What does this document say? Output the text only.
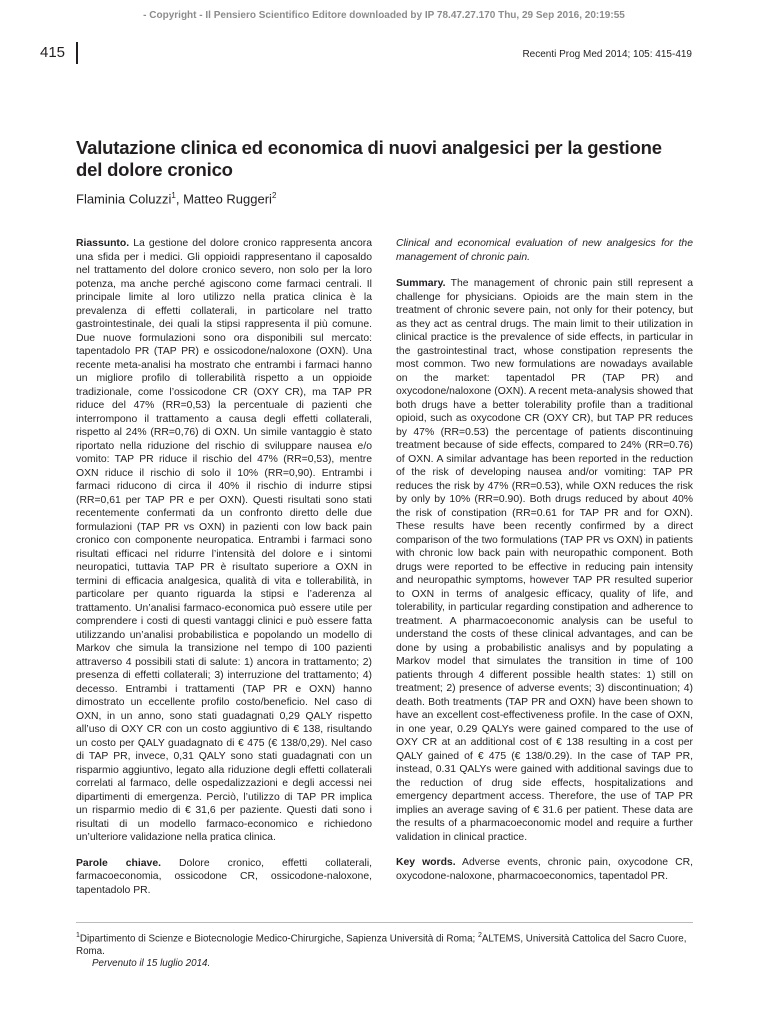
- Copyright - Il Pensiero Scientifico Editore downloaded by IP 78.47.27.170 Thu, 29 Sep 2016, 20:19:55
415	Recenti Prog Med 2014; 105: 415-419
Valutazione clinica ed economica di nuovi analgesici per la gestione del dolore cronico
Flaminia Coluzzi$^1$, Matteo Ruggeri$^2$

Riassunto. La gestione del dolore cronico rappresenta ancora una sfida per i medici. Gli oppioidi rappresentano il caposaldo nel trattamento del dolore cronico severo, non solo per la loro potenza, ma anche perché agiscono come farmaci centrali. Il principale limite al loro utilizzo nella pratica clinica è la prevalenza di effetti collaterali, in particolare nel tratto gastrointestinale, dei quali la stipsi rappresenta il più comune. Due nuove formulazioni sono ora disponibili sul mercato: tapentadolo PR (TAP PR) e ossicodone/naloxone (OXN). Una recente meta-analisi ha mostrato che entrambi i farmaci hanno un migliore profilo di tollerabilità rispetto a un oppioide tradizionale, come l’ossicodone CR (OXY CR), ma TAP PR riduce del 47% (RR=0,53) la percentuale di pazienti che interrompono il trattamento a causa degli effetti collaterali, rispetto al 24% (RR=0,76) di OXN. Un simile vantaggio è stato riportato nella riduzione del rischio di sviluppare nausea e/o vomito: TAP PR riduce il rischio del 47% (RR=0,53), mentre OXN riduce il rischio di solo il 10% (RR=0,90). Entrambi i farmaci riducono di circa il 40% il rischio di indurre stipsi (RR=0,61 per TAP PR e per OXN). Questi risultati sono stati recentemente confermati da un confronto diretto delle due formulazioni (TAP PR vs OXN) in pazienti con low back pain cronico con componente neuropatica. Entrambi i farmaci sono risultati efficaci nel ridurre l’intensità del dolore e i sintomi neuropatici, tuttavia TAP PR è risultato superiore a OXN in termini di efficacia analgesica, qualità di vita e tollerabilità, in particolare per quanto riguarda la stipsi e l’aderenza al trattamento. Un’analisi farmaco-economica può essere utile per comprendere i costi di questi vantaggi clinici e può essere fatta utilizzando un’analisi probabilistica e popolando un modello di Markov che simula la transizione nel tempo di 100 pazienti attraverso 4 possibili stati di salute: 1) ancora in trattamento; 2) presenza di effetti collaterali; 3) interruzione del trattamento; 4) decesso. Entrambi i trattamenti (TAP PR e OXN) hanno dimostrato un eccellente profilo costo/beneficio. Nel caso di OXN, in un anno, sono stati guadagnati 0,29 QALY rispetto all’uso di OXY CR con un costo aggiuntivo di € 138, risultando un costo per QALY guadagnato di € 475 (€ 138/0,29). Nel caso di TAP PR, invece, 0,31 QALY sono stati guadagnati con un risparmio aggiuntivo, legato alla riduzione degli effetti collaterali correlati al farmaco, delle ospedalizzazioni e degli accessi nei dipartimenti di emergenza. Perciò, l’utilizzo di TAP PR implica un risparmio medio di € 31,6 per paziente. Questi dati sono i risultati di un modello farmaco-economico e richiedono un’ulteriore validazione nella pratica clinica.

Parole chiave. Dolore cronico, effetti collaterali, farmacoeconomia, ossicodone CR, ossicodone-naloxone, tapentadolo PR.

Clinical and economical evaluation of new analgesics for the management of chronic pain.

Summary. The management of chronic pain still represent a challenge for physicians. Opioids are the main stem in the treatment of chronic severe pain, not only for their potency, but as they act as central drugs. The main limit to their utilization in clinical practice is the prevalence of side effects, in particular in the gastrointestinal tract, whose constipation represents the most common. Two new formulations are nowadays available on the market: tapentadol PR (TAP PR) and oxycodone/naloxone (OXN). A recent meta-analysis showed that both drugs have a better tolerability profile than a traditional opioid, such as oxycodone CR (OXY CR), but TAP PR reduces by 47% (RR=0.53) the percentage of patients discontinuing treatment because of side effects, compared to 24% (RR=0.76) of OXN. A similar advantage has been reported in the reduction of the risk of developing nausea and/or vomiting: TAP PR reduces the risk by 47% (RR=0.53), while OXN reduces the risk by only by 10% (RR=0.90). Both drugs reduced by about 40% the risk of constipation (RR=0.61 for TAP PR and for OXN). These results have been recently confirmed by a direct comparison of the two formulations (TAP PR vs OXN) in patients with chronic low back pain with neuropathic component. Both drugs were reported to be effective in reducing pain intensity and neuropathic symptoms, however TAP PR resulted superior to OXN in terms of analgesic efficacy, quality of life, and tolerability, in particular regarding constipation and adherence to treatment. A pharmacoeconomic analysis can be useful to understand the costs of these clinical advantages, and can be done by using a probabilistic analisys and by populating a Markov model that simulates the transition in time of 100 patients through 4 different possible health states: 1) still on treatment; 2) presence of adverse events; 3) discontinuation; 4) death. Both treatments (TAP PR and OXN) have been shown to have an excellent cost-effectiveness profile. In the case of OXN, in one year, 0.29 QALYs were gained compared to the use of OXY CR at an additional cost of € 138 resulting in a cost per QALY gained of € 475 (€ 138/0.29). In the case of TAP PR, instead, 0.31 QALYs were gained with additional savings due to the reduction of drug side effects, hospitalizations and emergency department access. Therefore, the use of TAP PR implies an average saving of € 31.6 per patient. These data are the results of a pharmacoeconomic model and require a further validation in clinical practice.

Key words. Adverse events, chronic pain, oxycodone CR, oxycodone-naloxone, pharmacoeconomics, tapentadol PR.

$^1$Dipartimento di Scienze e Biotecnologie Medico-Chirurgiche, Sapienza Università di Roma; $^2$ALTEMS, Università Cattolica del Sacro Cuore, Roma.

Pervenuto il 15 luglio 2014.
